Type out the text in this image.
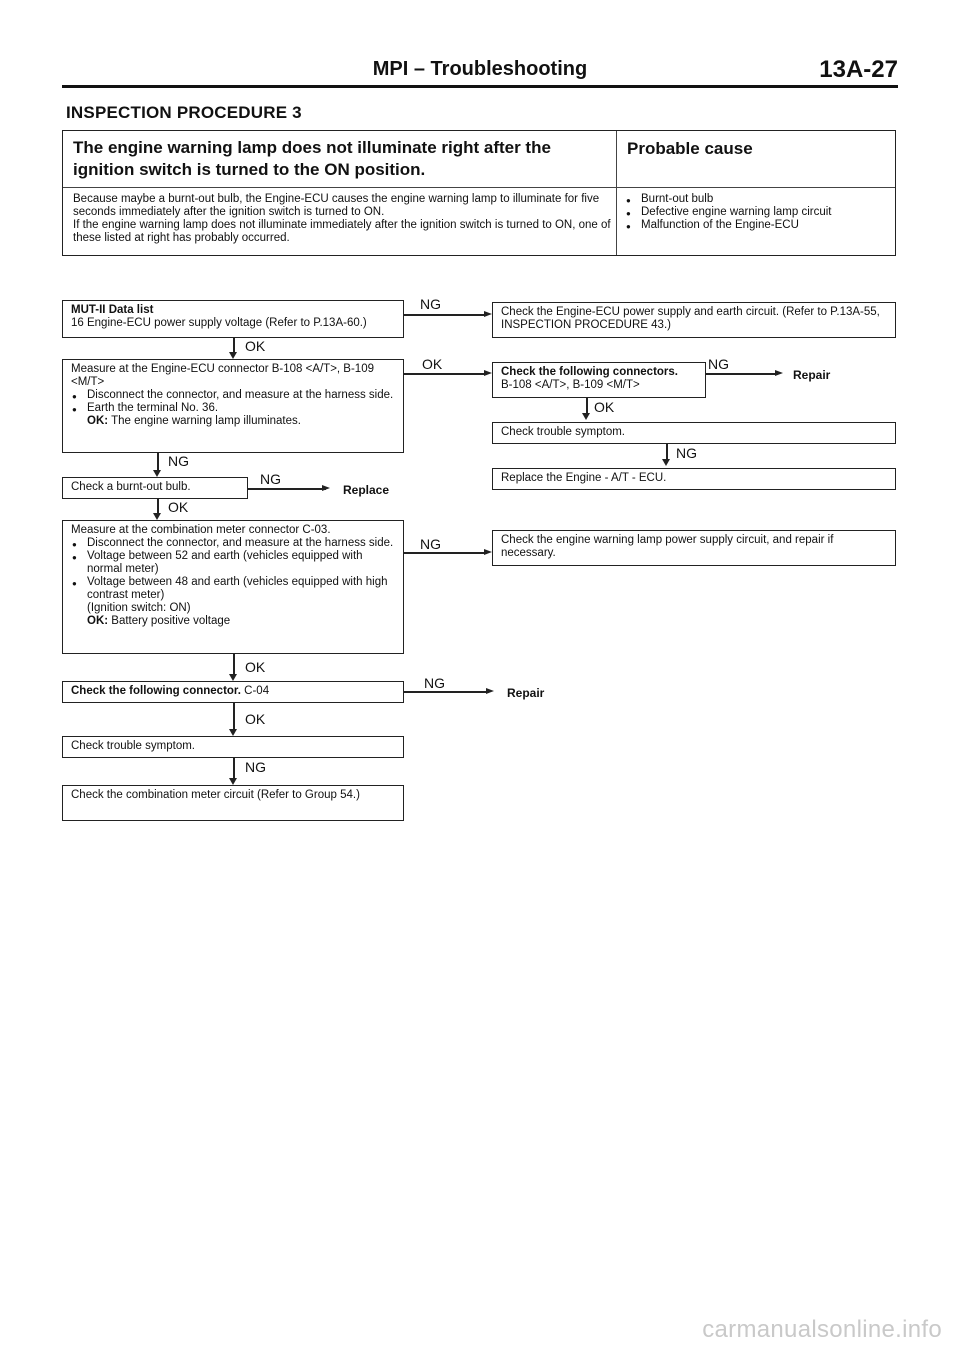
MPI – Troubleshooting	13A-27
INSPECTION PROCEDURE 3
The engine warning lamp does not illuminate right after the ignition switch is turned to the ON position.
Probable cause
Because maybe a burnt-out bulb, the Engine-ECU causes the engine warning lamp to illuminate for five seconds immediately after the ignition switch is turned to ON.
If the engine warning lamp does not illuminate immediately after the ignition switch is turned to ON, one of these listed at right has probably occurred.
● Burnt-out bulb
● Defective engine warning lamp circuit
● Malfunction of the Engine-ECU
MUT-II Data list
16 Engine-ECU power supply voltage (Refer to P.13A-60.)
NG	Check the Engine-ECU power supply and earth circuit. (Refer to P.13A-55, INSPECTION PROCEDURE 43.)
OK
Measure at the Engine-ECU connector B-108 <A/T>, B-109 <M/T>
● Disconnect the connector, and measure at the harness side.
● Earth the terminal No. 36.
OK: The engine warning lamp illuminates.
OK	Check the following connectors.
B-108 <A/T>, B-109 <M/T>
NG
Repair
OK
Check trouble symptom.
NG
Replace the Engine - A/T - ECU.
NG
Check a burnt-out bulb.	NG
Replace
OK
Measure at the combination meter connector C-03.
● Disconnect the connector, and measure at the harness side.
● Voltage between 52 and earth (vehicles equipped with normal meter)
● Voltage between 48 and earth (vehicles equipped with high contrast meter)
(Ignition switch: ON)
OK: Battery positive voltage
NG	Check the engine warning lamp power supply circuit, and repair if necessary.
OK
Check the following connector. C-04	NG
Repair
OK
Check trouble symptom.
NG
Check the combination meter circuit (Refer to Group 54.)
carmanualsonline.info
